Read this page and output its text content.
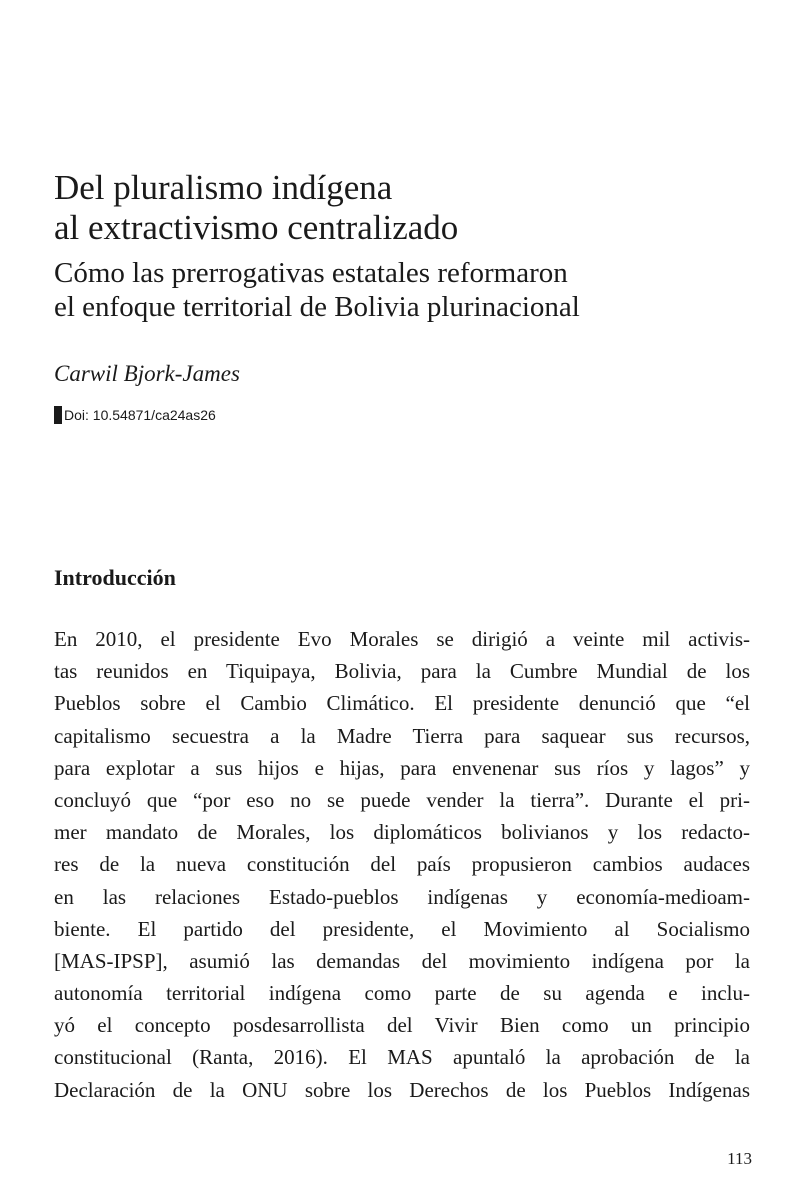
Del pluralismo indígena
al extractivismo centralizado
Cómo las prerrogativas estatales reformaron
el enfoque territorial de Bolivia plurinacional
Carwil Bjork-James
Doi: 10.54871/ca24as26
Introducción
En 2010, el presidente Evo Morales se dirigió a veinte mil activis-
tas reunidos en Tiquipaya, Bolivia, para la Cumbre Mundial de los
Pueblos sobre el Cambio Climático. El presidente denunció que “el
capitalismo secuestra a la Madre Tierra para saquear sus recursos,
para explotar a sus hijos e hijas, para envenenar sus ríos y lagos” y
concluyó que “por eso no se puede vender la tierra”. Durante el pri-
mer mandato de Morales, los diplomáticos bolivianos y los redacto-
res de la nueva constitución del país propusieron cambios audaces
en las relaciones Estado-pueblos indígenas y economía-medioam-
biente. El partido del presidente, el Movimiento al Socialismo
[MAS-IPSP], asumió las demandas del movimiento indígena por la
autonomía territorial indígena como parte de su agenda e inclu-
yó el concepto posdesarrollista del Vivir Bien como un principio
constitucional (Ranta, 2016). El MAS apuntaló la aprobación de la
Declaración de la ONU sobre los Derechos de los Pueblos Indígenas
113
